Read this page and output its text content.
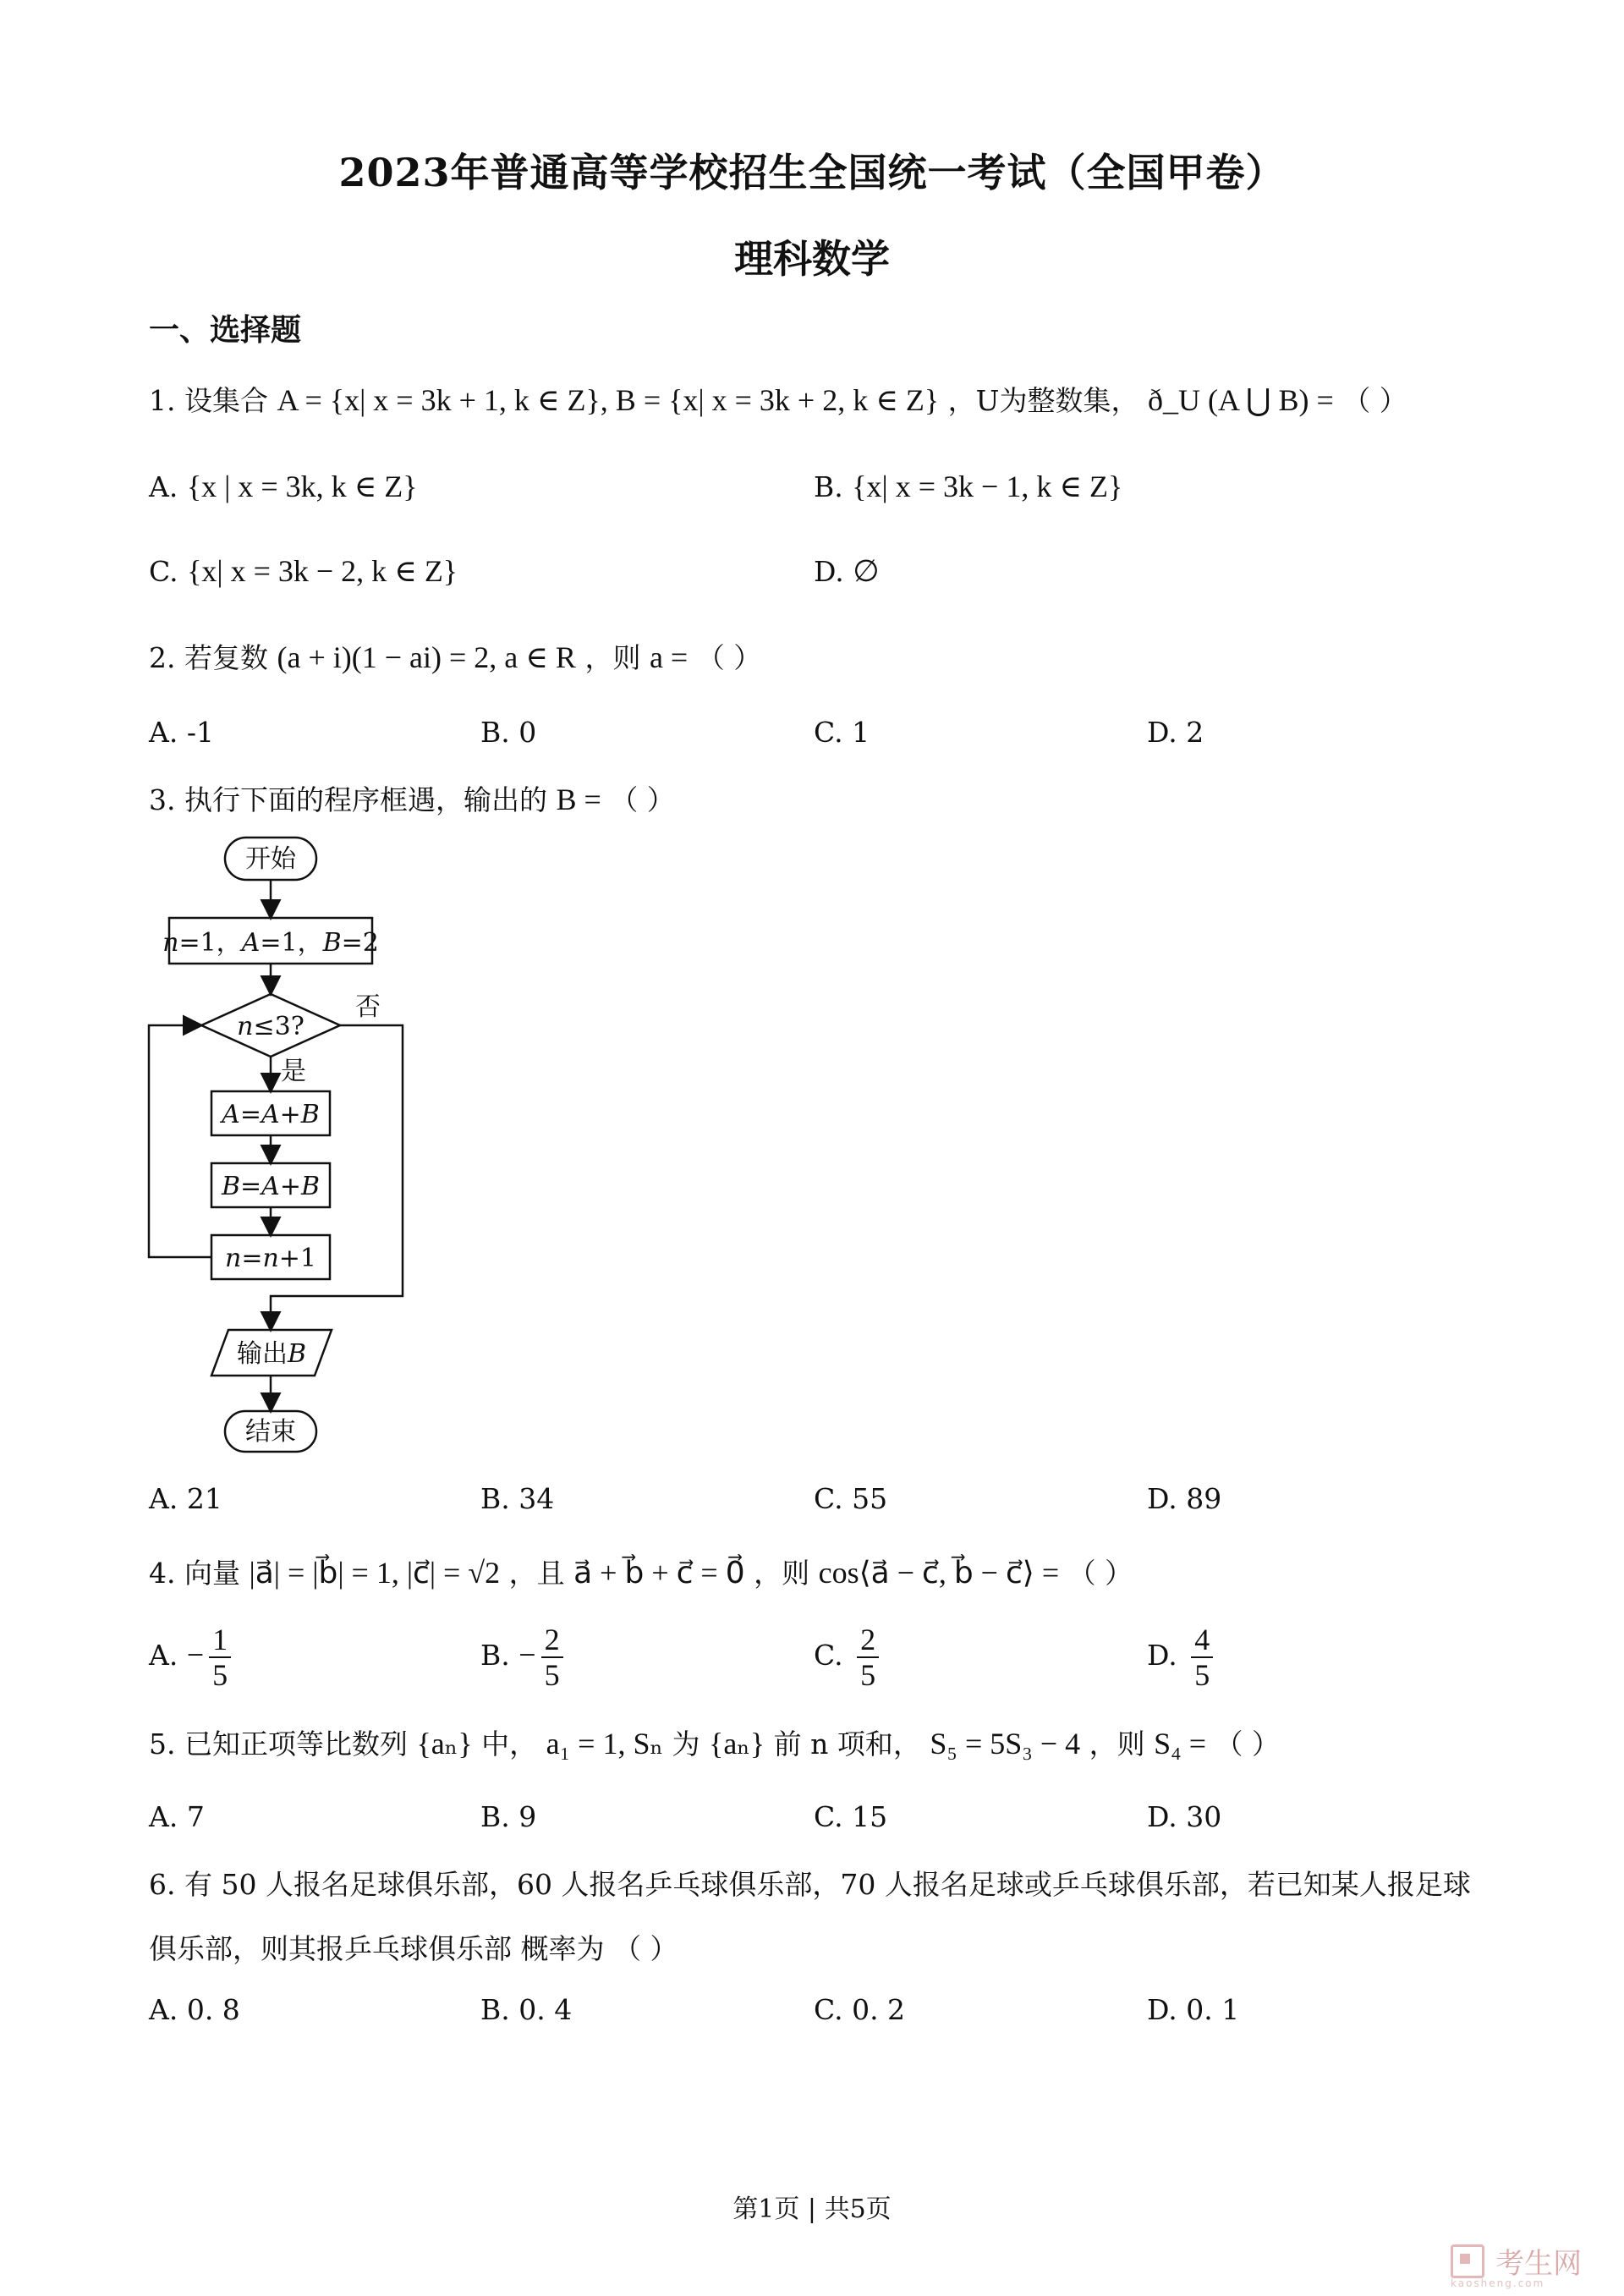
2023年普通高等学校招生全国统一考试（全国甲卷）
理科数学
一、选择题
1. 设集合 A = {x| x = 3k + 1, k ∈ Z}, B = {x| x = 3k + 2, k ∈ Z} ，U为整数集， ð_U (A ⋃ B) = （ ）
A. {x | x = 3k, k ∈ Z}	B. {x| x = 3k − 1, k ∈ Z}
C. {x| x = 3k − 2, k ∈ Z}	D. ∅
2. 若复数 (a + i)(1 − ai) = 2, a ∈ R ，则 a = （ ）
A. -1	B. 0	C. 1	D. 2
3. 执行下面的程序框遇，输出的 B = （ ）
开始
n=1，A=1，B=2
n≤3?
否
是
A=A+B
B=A+B
n=n+1
输出B
结束
A. 21	B. 34	C. 55	D. 89
4. 向量 |a⃗| = |b⃗| = 1, |c⃗| = √2 ，且 a⃗ + b⃗ + c⃗ = 0⃗ ，则 cos⟨a⃗ − c⃗, b⃗ − c⃗⟩ = （ ）
A. − $\frac{1}{5}$	B. − $\frac{2}{5}$	C. $\frac{2}{5}$	D. $\frac{4}{5}$
5. 已知正项等比数列 {aₙ} 中， a₁ = 1, Sₙ 为 {aₙ} 前 n 项和， S₅ = 5S₃ − 4 ，则 S₄ = （ ）
A. 7	B. 9	C. 15	D. 30
6. 有 50 人报名足球俱乐部，60 人报名乒乓球俱乐部，70 人报名足球或乒乓球俱乐部，若已知某人报足球
俱乐部，则其报乒乓球俱乐部 概率为 （ ）
A. 0. 8	B. 0. 4	C. 0. 2	D. 0. 1
第1页 | 共5页
考生网
kaosheng.com
